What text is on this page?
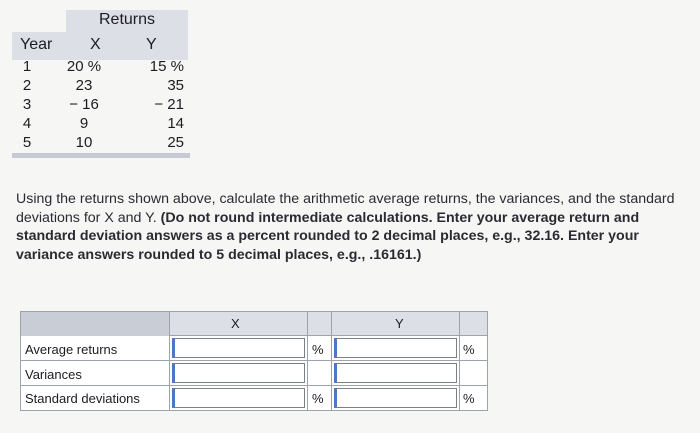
Returns
Year X	Y
1	20 %	15 %
2	23	35
3	− 16	− 21
4	9	14
5	10	25
Using the returns shown above, calculate the arithmetic average returns, the variances, and the standard deviations for X and Y. (Do not round intermediate calculations. Enter your average return and standard deviation answers as a percent rounded to 2 decimal places, e.g., 32.16. Enter your variance answers rounded to 5 decimal places, e.g., .16161.)
X	Y
Average returns	%	%
Variances
Standard deviations	%	%
